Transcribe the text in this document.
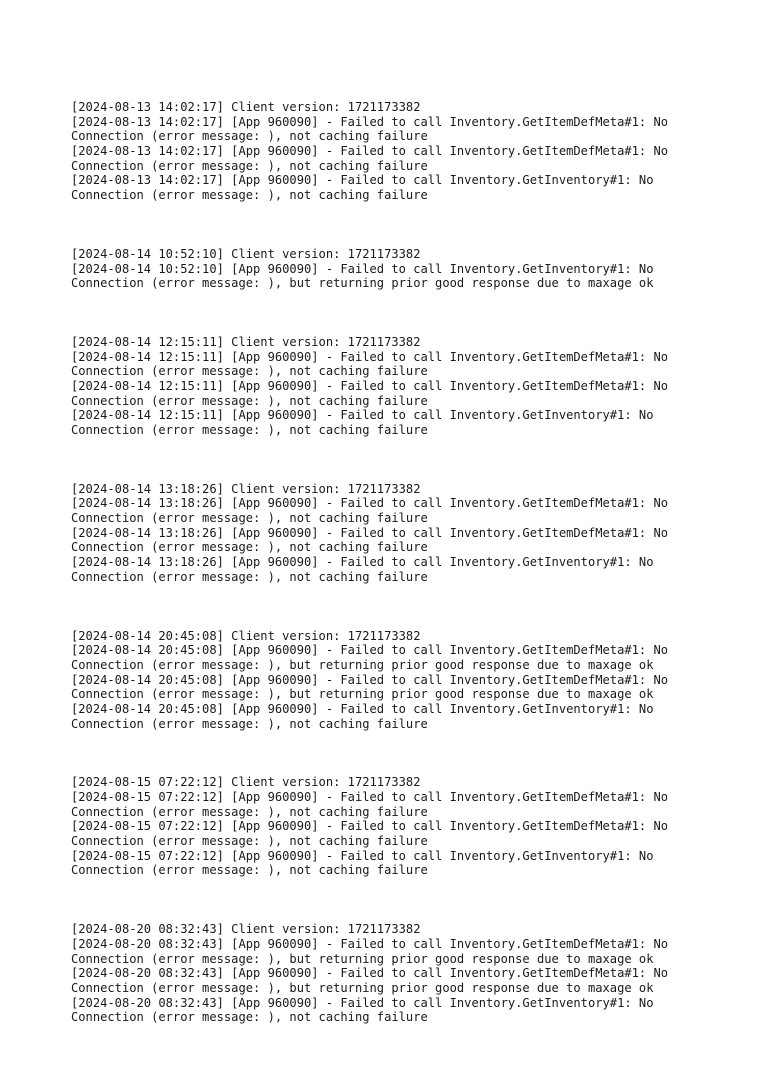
[2024-08-13 14:02:17] Client version: 1721173382
[2024-08-13 14:02:17] [App 960090] - Failed to call Inventory.GetItemDefMeta#1: No
Connection (error message: ), not caching failure
[2024-08-13 14:02:17] [App 960090] - Failed to call Inventory.GetItemDefMeta#1: No
Connection (error message: ), not caching failure
[2024-08-13 14:02:17] [App 960090] - Failed to call Inventory.GetInventory#1: No
Connection (error message: ), not caching failure
[2024-08-14 10:52:10] Client version: 1721173382
[2024-08-14 10:52:10] [App 960090] - Failed to call Inventory.GetInventory#1: No
Connection (error message: ), but returning prior good response due to maxage ok
[2024-08-14 12:15:11] Client version: 1721173382
[2024-08-14 12:15:11] [App 960090] - Failed to call Inventory.GetItemDefMeta#1: No
Connection (error message: ), not caching failure
[2024-08-14 12:15:11] [App 960090] - Failed to call Inventory.GetItemDefMeta#1: No
Connection (error message: ), not caching failure
[2024-08-14 12:15:11] [App 960090] - Failed to call Inventory.GetInventory#1: No
Connection (error message: ), not caching failure
[2024-08-14 13:18:26] Client version: 1721173382
[2024-08-14 13:18:26] [App 960090] - Failed to call Inventory.GetItemDefMeta#1: No
Connection (error message: ), not caching failure
[2024-08-14 13:18:26] [App 960090] - Failed to call Inventory.GetItemDefMeta#1: No
Connection (error message: ), not caching failure
[2024-08-14 13:18:26] [App 960090] - Failed to call Inventory.GetInventory#1: No
Connection (error message: ), not caching failure
[2024-08-14 20:45:08] Client version: 1721173382
[2024-08-14 20:45:08] [App 960090] - Failed to call Inventory.GetItemDefMeta#1: No
Connection (error message: ), but returning prior good response due to maxage ok
[2024-08-14 20:45:08] [App 960090] - Failed to call Inventory.GetItemDefMeta#1: No
Connection (error message: ), but returning prior good response due to maxage ok
[2024-08-14 20:45:08] [App 960090] - Failed to call Inventory.GetInventory#1: No
Connection (error message: ), not caching failure
[2024-08-15 07:22:12] Client version: 1721173382
[2024-08-15 07:22:12] [App 960090] - Failed to call Inventory.GetItemDefMeta#1: No
Connection (error message: ), not caching failure
[2024-08-15 07:22:12] [App 960090] - Failed to call Inventory.GetItemDefMeta#1: No
Connection (error message: ), not caching failure
[2024-08-15 07:22:12] [App 960090] - Failed to call Inventory.GetInventory#1: No
Connection (error message: ), not caching failure
[2024-08-20 08:32:43] Client version: 1721173382
[2024-08-20 08:32:43] [App 960090] - Failed to call Inventory.GetItemDefMeta#1: No
Connection (error message: ), but returning prior good response due to maxage ok
[2024-08-20 08:32:43] [App 960090] - Failed to call Inventory.GetItemDefMeta#1: No
Connection (error message: ), but returning prior good response due to maxage ok
[2024-08-20 08:32:43] [App 960090] - Failed to call Inventory.GetInventory#1: No
Connection (error message: ), not caching failure
